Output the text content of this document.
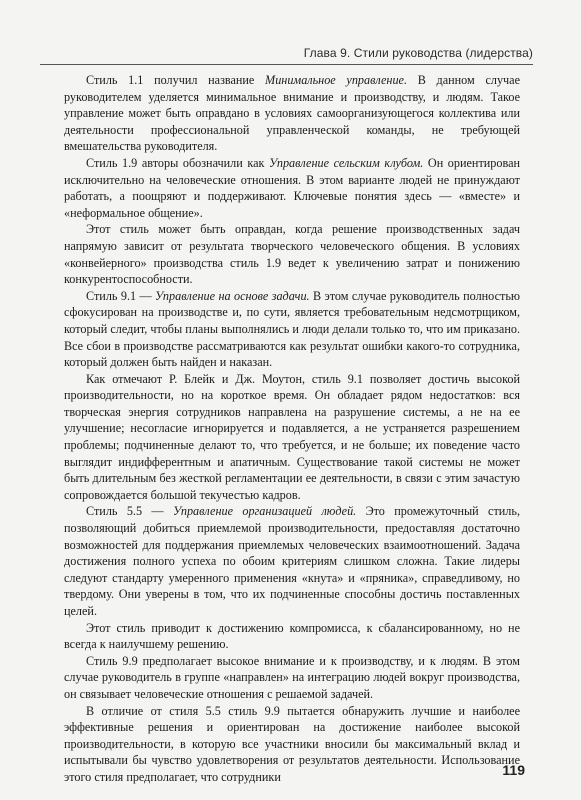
Глава 9. Стили руководства (лидерства)

Стиль 1.1 получил название Минимальное управление. В данном случае руководителем уделяется минимальное внимание и производству, и людям. Такое управление может быть оправдано в условиях самоорганизующегося коллектива или деятельности профессиональной управленческой команды, не требующей вмешательства руководителя.

Стиль 1.9 авторы обозначили как Управление сельским клубом. Он ориентирован исключительно на человеческие отношения. В этом варианте людей не принуждают работать, а поощряют и поддерживают. Ключевые понятия здесь — «вместе» и «неформальное общение».

Этот стиль может быть оправдан, когда решение производственных задач напрямую зависит от результата творческого человеческого общения. В условиях «конвейерного» производства стиль 1.9 ведет к увеличению затрат и понижению конкурентоспособности.

Стиль 9.1 — Управление на основе задачи. В этом случае руководитель полностью сфокусирован на производстве и, по сути, является требовательным недсмотрщиком, который следит, чтобы планы выполнялись и люди делали только то, что им приказано. Все сбои в производстве рассматриваются как результат ошибки какого-то сотрудника, который должен быть найден и наказан.

Как отмечают Р. Блейк и Дж. Моутон, стиль 9.1 позволяет достичь высокой производительности, но на короткое время. Он обладает рядом недостатков: вся творческая энергия сотрудников направлена на разрушение системы, а не на ее улучшение; несогласие игнорируется и подавляется, а не устраняется разрешением проблемы; подчиненные делают то, что требуется, и не больше; их поведение часто выглядит индифферентным и апатичным. Существование такой системы не может быть длительным без жесткой регламентации ее деятельности, в связи с этим зачастую сопровождается большой текучестью кадров.

Стиль 5.5 — Управление организацией людей. Это промежуточный стиль, позволяющий добиться приемлемой производительности, предоставляя достаточно возможностей для поддержания приемлемых человеческих взаимоотношений. Задача достижения полного успеха по обоим критериям слишком сложна. Такие лидеры следуют стандарту умеренного применения «кнута» и «пряника», справедливому, но твердому. Они уверены в том, что их подчиненные способны достичь поставленных целей.

Этот стиль приводит к достижению компромисса, к сбалансированному, но не всегда к наилучшему решению.

Стиль 9.9 предполагает высокое внимание и к производству, и к людям. В этом случае руководитель в группе «направлен» на интеграцию людей вокруг производства, он связывает человеческие отношения с решаемой задачей.

В отличие от стиля 5.5 стиль 9.9 пытается обнаружить лучшие и наиболее эффективные решения и ориентирован на достижение наиболее высокой производительности, в которую все участники вносили бы максимальный вклад и испытывали бы чувство удовлетворения от результатов деятельности. Использование этого стиля предполагает, что сотрудники	119
